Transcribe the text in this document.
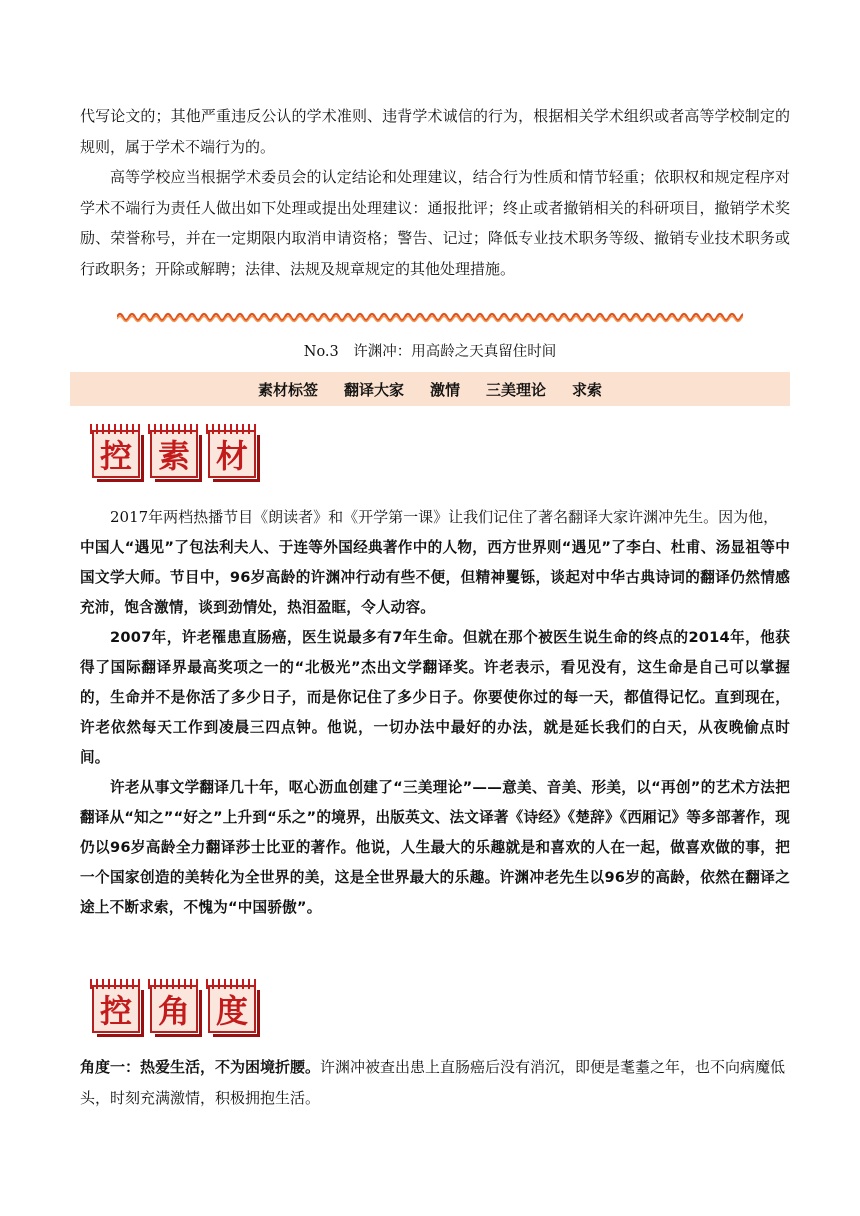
代写论文的；其他严重违反公认的学术准则、违背学术诚信的行为，根据相关学术组织或者高等学校制定的规则，属于学术不端行为的。

高等学校应当根据学术委员会的认定结论和处理建议，结合行为性质和情节轻重；依职权和规定程序对学术不端行为责任人做出如下处理或提出处理建议：通报批评；终止或者撤销相关的科研项目，撤销学术奖励、荣誉称号，并在一定期限内取消申请资格；警告、记过；降低专业技术职务等级、撤销专业技术职务或行政职务；开除或解聘；法律、法规及规章规定的其他处理措施。

No.3　许渊冲：用高龄之天真留住时间
素材标签 翻译大家 激情 三美理论 求索
控 素 材

2017年两档热播节目《朗读者》和《开学第一课》让我们记住了著名翻译大家许渊冲先生。因为他，

中国人“遇见”了包法利夫人、于连等外国经典著作中的人物，西方世界则“遇见”了李白、杜甫、汤显祖等中国文学大师。节目中，96岁高龄的许渊冲行动有些不便，但精神矍铄，谈起对中华古典诗词的翻译仍然情感充沛，饱含激情，谈到劲情处，热泪盈眶，令人动容。

2007年，许老罹患直肠癌，医生说最多有7年生命。但就在那个被医生说生命的终点的2014年，他获得了国际翻译界最高奖项之一的“北极光”杰出文学翻译奖。许老表示，看见没有，这生命是自己可以掌握的，生命并不是你活了多少日子，而是你记住了多少日子。你要使你过的每一天，都值得记忆。直到现在，许老依然每天工作到凌晨三四点钟。他说，一切办法中最好的办法，就是延长我们的白天，从夜晚偷点时间。

许老从事文学翻译几十年，呕心沥血创建了“三美理论”——意美、音美、形美，以“再创”的艺术方法把翻译从“知之”“好之”上升到“乐之”的境界，出版英文、法文译著《诗经》《楚辞》《西厢记》等多部著作，现仍以96岁高龄全力翻译莎士比亚的著作。他说，人生最大的乐趣就是和喜欢的人在一起，做喜欢做的事，把一个国家创造的美转化为全世界的美，这是全世界最大的乐趣。许渊冲老先生以96岁的高龄，依然在翻译之途上不断求索，不愧为“中国骄傲”。

控 角 度

角度一：热爱生活，不为困境折腰。许渊冲被查出患上直肠癌后没有消沉，即便是耄耋之年，也不向病魔低头，时刻充满激情，积极拥抱生活。
